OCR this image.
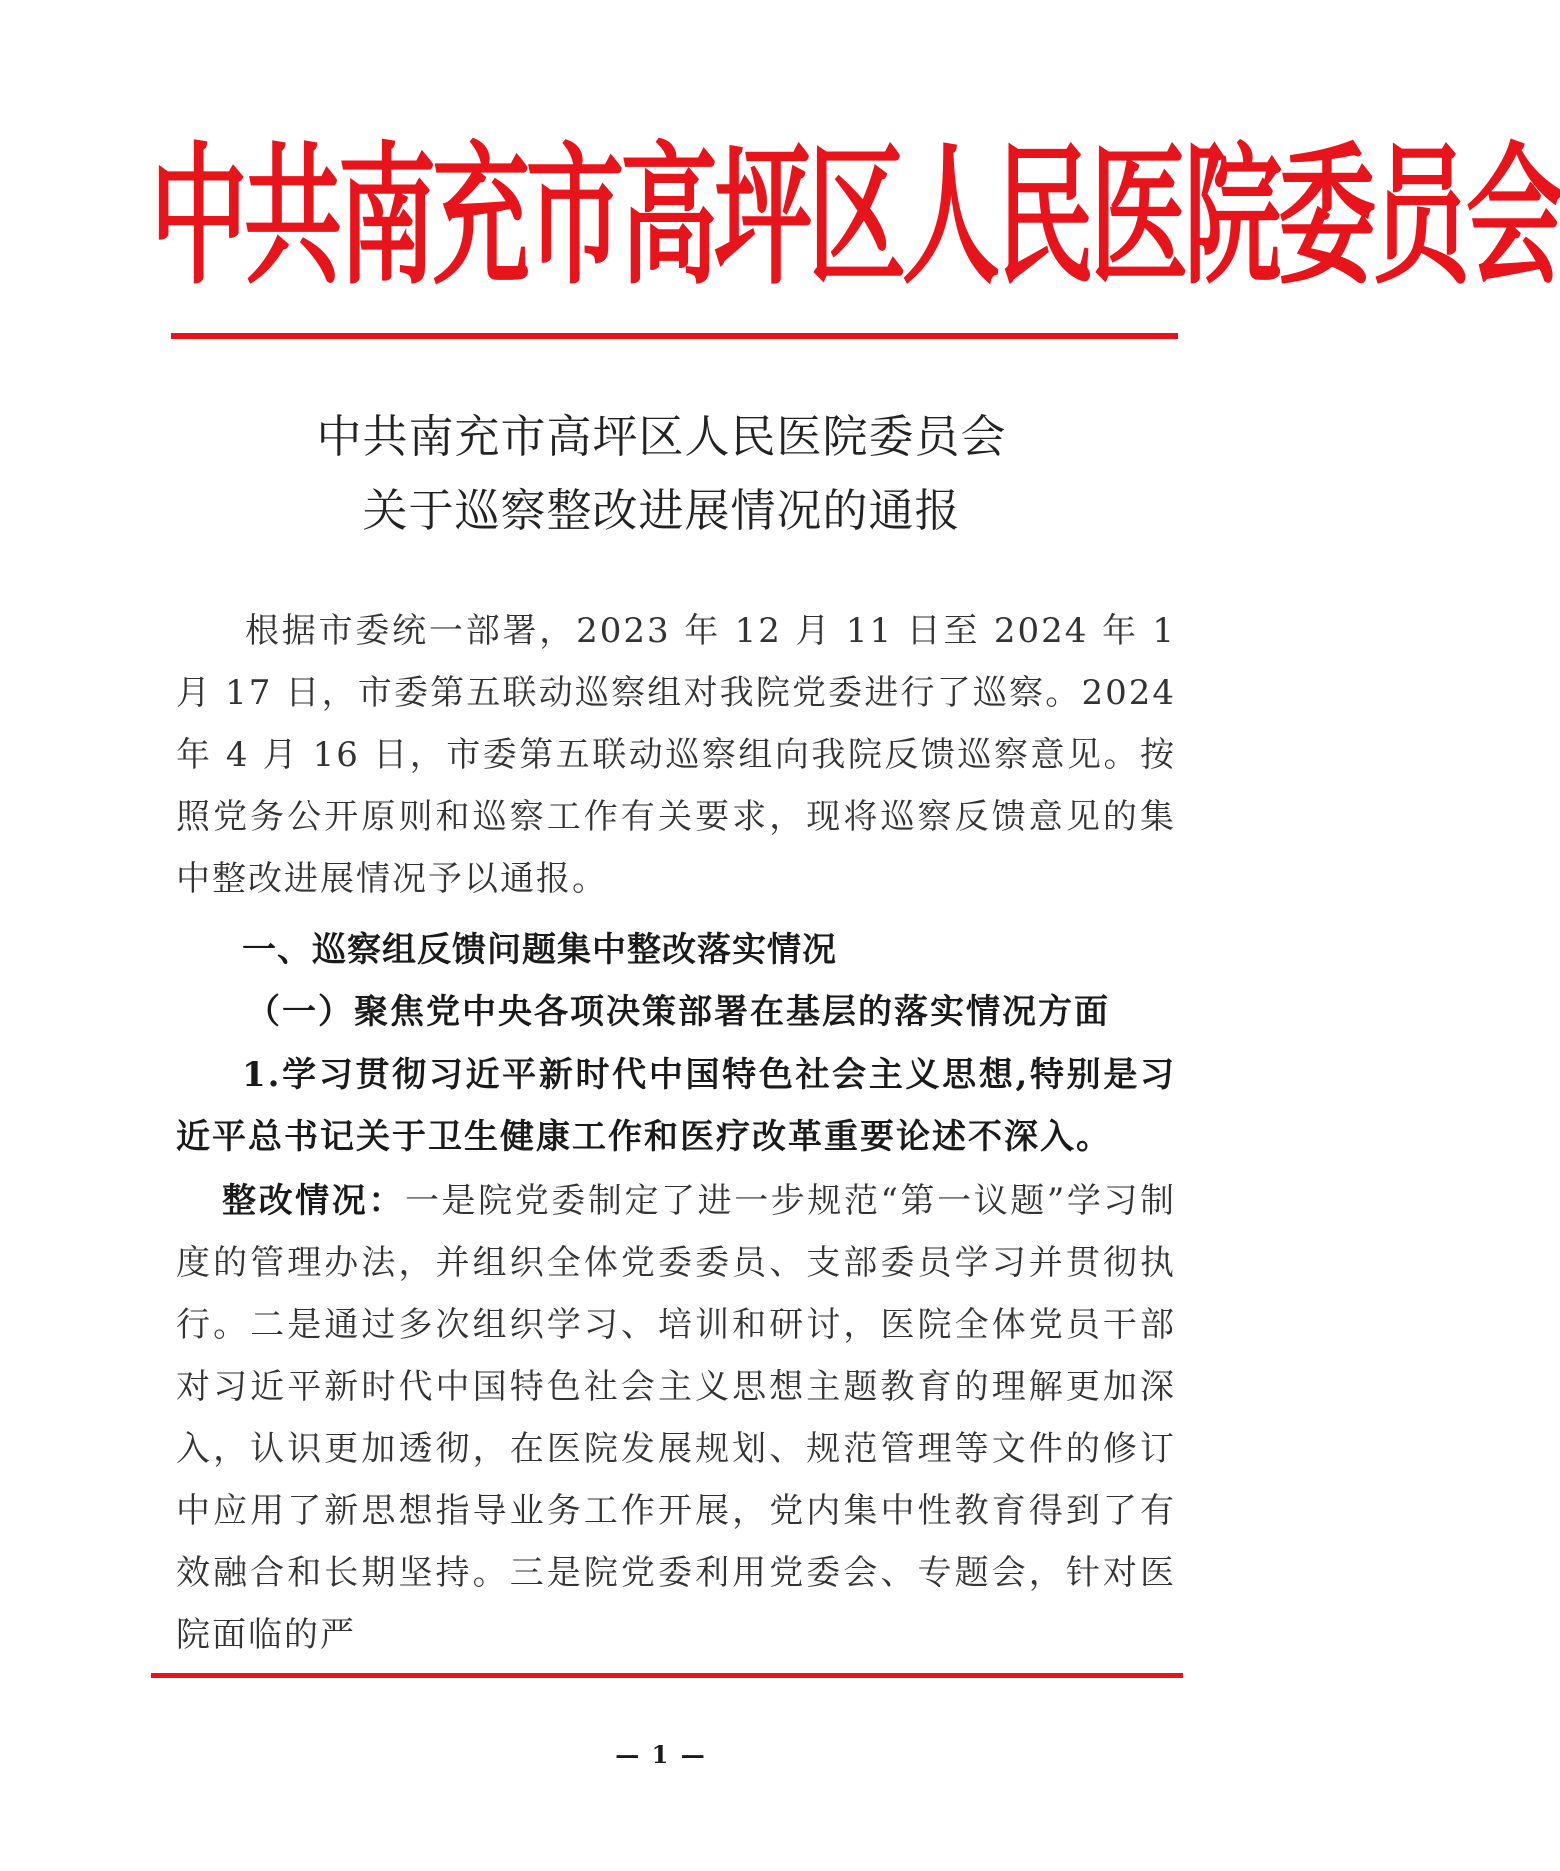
中共南充市高坪区人民医院委员会
中共南充市高坪区人民医院委员会
关于巡察整改进展情况的通报
根据市委统一部署，2023 年 12 月 11 日至 2024 年 1 月 17 日，市委第五联动巡察组对我院党委进行了巡察。2024 年 4 月 16 日，市委第五联动巡察组向我院反馈巡察意见。按照党务公开原则和巡察工作有关要求，现将巡察反馈意见的集中整改进展情况予以通报。
一、巡察组反馈问题集中整改落实情况
（一）聚焦党中央各项决策部署在基层的落实情况方面
1.学习贯彻习近平新时代中国特色社会主义思想,特别是习近平总书记关于卫生健康工作和医疗改革重要论述不深入。
整改情况：一是院党委制定了进一步规范“第一议题”学习制度的管理办法，并组织全体党委委员、支部委员学习并贯彻执行。二是通过多次组织学习、培训和研讨，医院全体党员干部对习近平新时代中国特色社会主义思想主题教育的理解更加深入，认识更加透彻，在医院发展规划、规范管理等文件的修订中应用了新思想指导业务工作开展，党内集中性教育得到了有效融合和长期坚持。三是院党委利用党委会、专题会，针对医院面临的严
— 1 —
